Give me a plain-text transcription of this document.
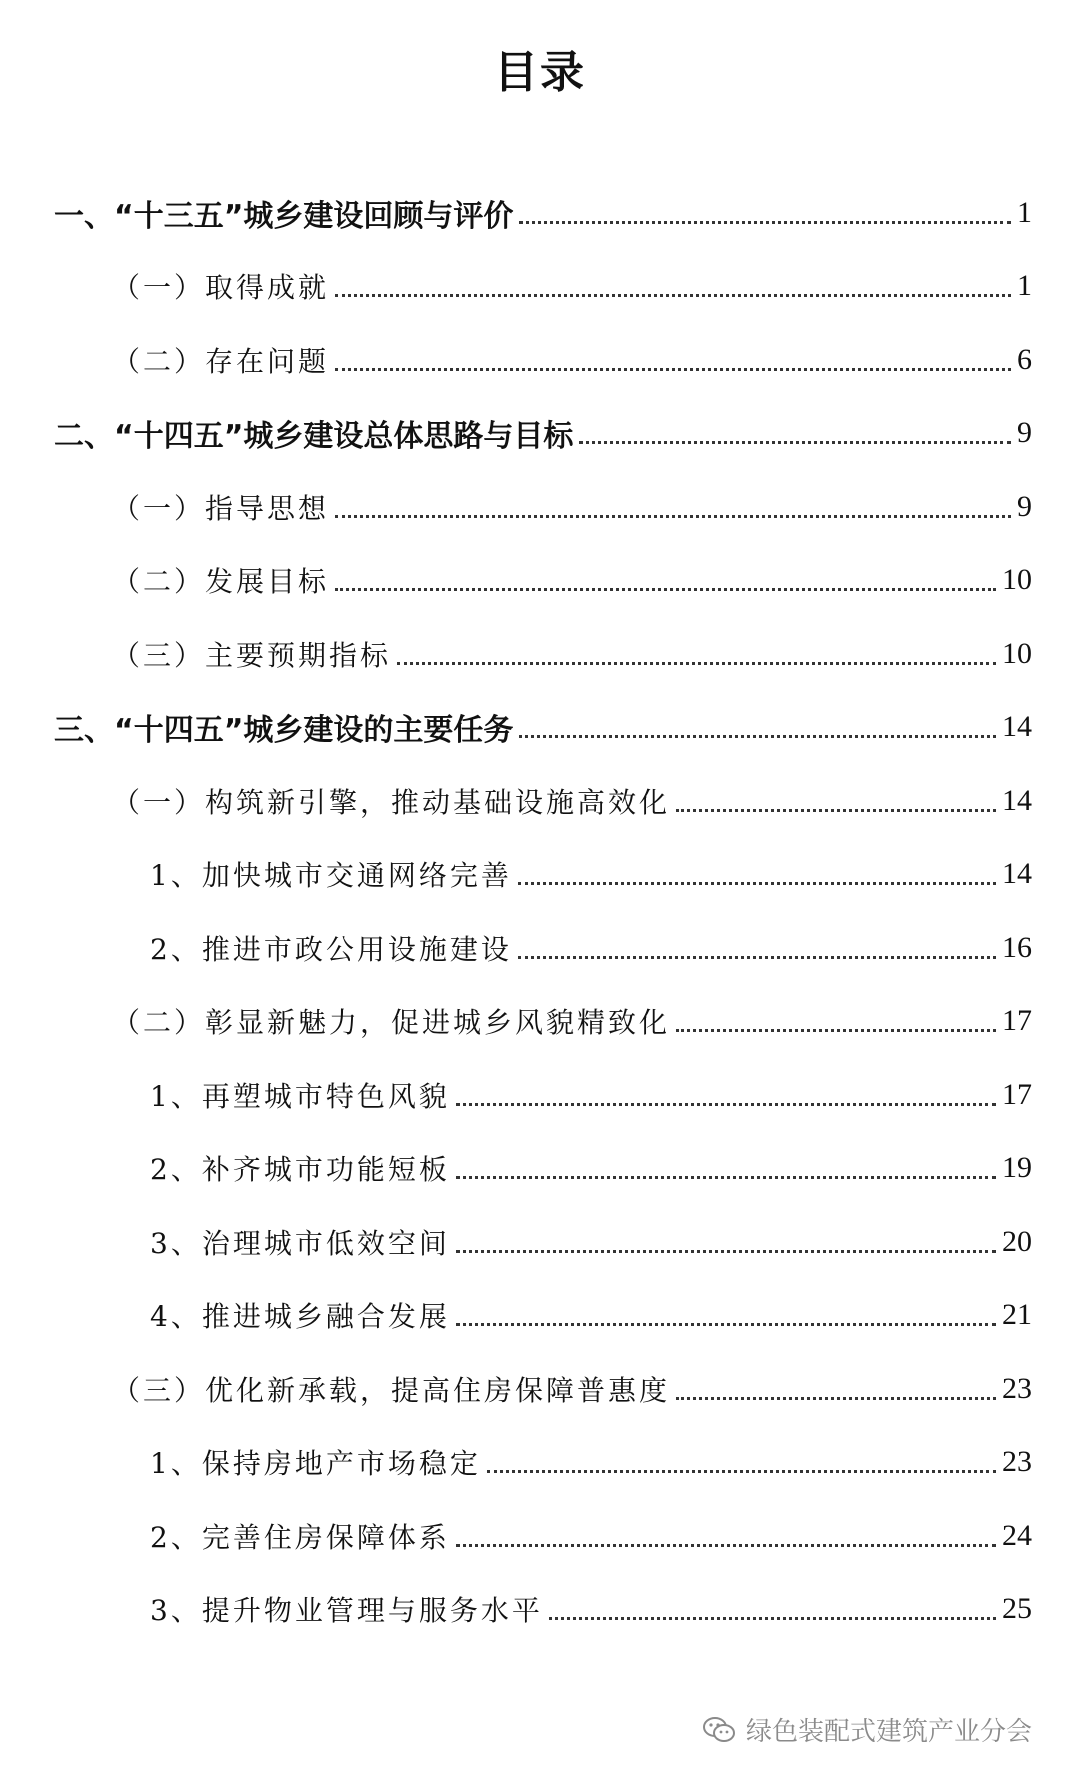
目录
一、“十三五”城乡建设回顾与评价	1
（一）取得成就	1
（二）存在问题	6
二、“十四五”城乡建设总体思路与目标	9
（一）指导思想	9
（二）发展目标	10
（三）主要预期指标	10
三、“十四五”城乡建设的主要任务	14
（一）构筑新引擎，推动基础设施高效化	14
1、加快城市交通网络完善	14
2、推进市政公用设施建设	16
（二）彰显新魅力，促进城乡风貌精致化	17
1、再塑城市特色风貌	17
2、补齐城市功能短板	19
3、治理城市低效空间	20
4、推进城乡融合发展	21
（三）优化新承载，提高住房保障普惠度	23
1、保持房地产市场稳定	23
2、完善住房保障体系	24
3、提升物业管理与服务水平	25
绿色装配式建筑产业分会
